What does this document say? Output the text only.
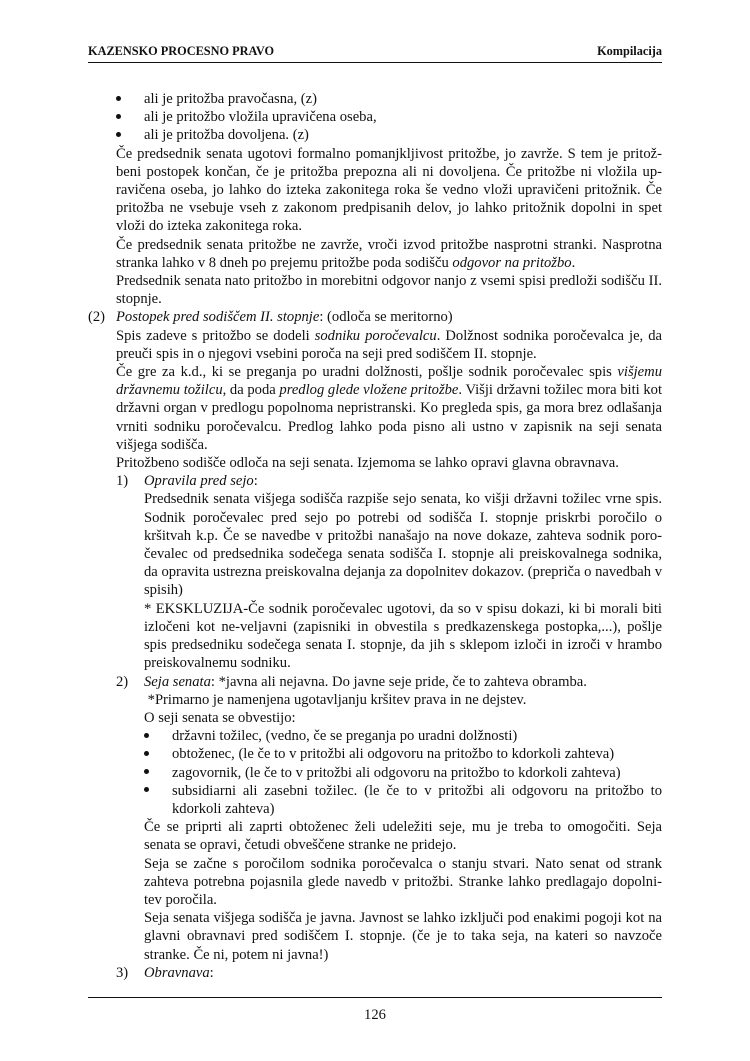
KAZENSKO PROCESNO PRAVO	Kompilacija
ali je pritožba pravočasna, (z)
ali je pritožbo vložila upravičena oseba,
ali je pritožba dovoljena. (z)

Če predsednik senata ugotovi formalno pomanjkljivost pritožbe, jo zavrže. S tem je pritož-beni postopek končan, če je pritožba prepozna ali ni dovoljena. Če pritožbe ni vložila up-ravičena oseba, jo lahko do izteka zakonitega roka še vedno vloži upravičeni pritožnik. Če pritožba ne vsebuje vseh z zakonom predpisanih delov, jo lahko pritožnik dopolni in spet vloži do izteka zakonitega roka.

Če predsednik senata pritožbe ne zavrže, vroči izvod pritožbe nasprotni stranki. Nasprotna stranka lahko v 8 dneh po prejemu pritožbe poda sodišču odgovor na pritožbo.

Predsednik senata nato pritožbo in morebitni odgovor nanjo z vsemi spisi predloži sodišču II. stopnje.

(2) Postopek pred sodiščem II. stopnje: (odloča se meritorno)

Spis zadeve s pritožbo se dodeli sodniku poročevalcu. Dolžnost sodnika poročevalca je, da preuči spis in o njegovi vsebini poroča na seji pred sodiščem II. stopnje.

Če gre za k.d., ki se preganja po uradni dolžnosti, pošlje sodnik poročevalec spis višjemu državnemu tožilcu, da poda predlog glede vložene pritožbe. Višji državni tožilec mora biti kot državni organ v predlogu popolnoma nepristranski. Ko pregleda spis, ga mora brez odlašanja vrniti sodniku poročevalcu. Predlog lahko poda pisno ali ustno v zapisnik na seji senata višjega sodišča.

Pritožbeno sodišče odloča na seji senata. Izjemoma se lahko opravi glavna obravnava.

1)	Opravila pred sejo:

Predsednik senata višjega sodišča razpiše sejo senata, ko višji državni tožilec vrne spis. Sodnik poročevalec pred sejo po potrebi od sodišča I. stopnje priskrbi poročilo o kršitvah k.p. Če se navedbe v pritožbi nanašajo na nove dokaze, zahteva sodnik poro-čevalec od predsednika sodečega senata sodišča I. stopnje ali preiskovalnega sodnika, da opravita ustrezna preiskovalna dejanja za dopolnitev dokazov. (prepriča o navedbah v spisih)

* EKSKLUZIJA-Če sodnik poročevalec ugotovi, da so v spisu dokazi, ki bi morali biti izločeni kot ne-veljavni (zapisniki in obvestila s predkazenskega postopka,...), pošlje spis predsedniku sodečega senata I. stopnje, da jih s sklepom izloči in izroči v hrambo preiskovalnemu sodniku.

2)	Seja senata: *javna ali nejavna. Do javne seje pride, če to zahteva obramba.

*Primarno je namenjena ugotavljanju kršitev prava in ne dejstev.

O seji senata se obvestijo:

državni tožilec, (vedno, če se preganja po uradni dolžnosti)
obtoženec, (le če to v pritožbi ali odgovoru na pritožbo to kdorkoli zahteva)
zagovornik, (le če to v pritožbi ali odgovoru na pritožbo to kdorkoli zahteva)
subsidiarni ali zasebni tožilec. (le če to v pritožbi ali odgovoru na pritožbo to kdorkoli zahteva)

Če se priprti ali zaprti obtoženec želi udeležiti seje, mu je treba to omogočiti. Seja senata se opravi, četudi obveščene stranke ne pridejo.

Seja se začne s poročilom sodnika poročevalca o stanju stvari. Nato senat od strank zahteva potrebna pojasnila glede navedb v pritožbi. Stranke lahko predlagajo dopolni-tev poročila.

Seja senata višjega sodišča je javna. Javnost se lahko izključi pod enakimi pogoji kot na glavni obravnavi pred sodiščem I. stopnje. (če je to taka seja, na kateri so navzoče stranke. Če ni, potem ni javna!)

3)	Obravnava:
126
